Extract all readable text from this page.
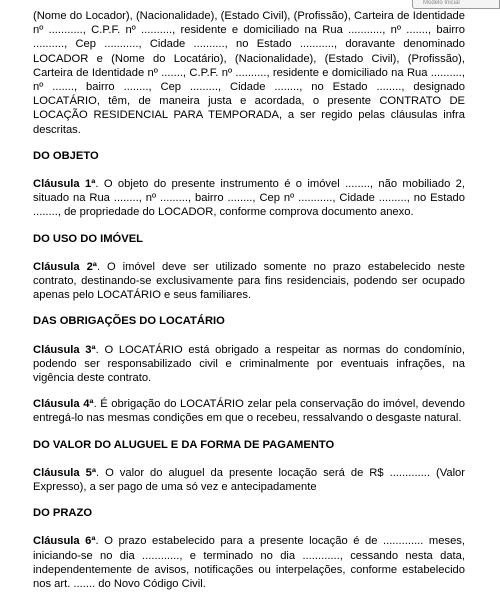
Modelo Inicial

(Nome do Locador), (Nacionalidade), (Estado Civil), (Profissão), Carteira de Identidade nº ..........., C.P.F. nº .........., residente e domiciliado na Rua ..........., nº ......., bairro .........., Cep ..........., Cidade .........., no Estado ..........., doravante denominado LOCADOR e (Nome do Locatário), (Nacionalidade), (Estado Civil), (Profissão), Carteira de Identidade nº ......., C.P.F. nº .........., residente e domiciliado na Rua .........., nº ......., bairro ........, Cep ........., Cidade ........, no Estado ........, designado LOCATÁRIO, têm, de maneira justa e acordada, o presente CONTRATO DE LOCAÇÃO RESIDENCIAL PARA TEMPORADA, a ser regido pelas cláusulas infra descritas.

DO OBJETO

Cláusula 1ª. O objeto do presente instrumento é o imóvel ........, não mobiliado 2, situado na Rua ........, nº ........., bairro ........, Cep nº ..........., Cidade ........., no Estado ........, de propriedade do LOCADOR, conforme comprova documento anexo.

DO USO DO IMÓVEL

Cláusula 2ª. O imóvel deve ser utilizado somente no prazo estabelecido neste contrato, destinando-se exclusivamente para fins residenciais, podendo ser ocupado apenas pelo LOCATÁRIO e seus familiares.

DAS OBRIGAÇÕES DO LOCATÁRIO

Cláusula 3ª. O LOCATÁRIO está obrigado a respeitar as normas do condomínio, podendo ser responsabilizado civil e criminalmente por eventuais infrações, na vigência deste contrato.

Cláusula 4ª. É obrigação do LOCATÁRIO zelar pela conservação do imóvel, devendo entregá-lo nas mesmas condições em que o recebeu, ressalvando o desgaste natural.

DO VALOR DO ALUGUEL E DA FORMA DE PAGAMENTO

Cláusula 5ª. O valor do aluguel da presente locação será de R$ ............. (Valor Expresso), a ser pago de uma só vez e antecipadamente

DO PRAZO

Cláusula 6ª. O prazo estabelecido para a presente locação é de ............. meses, iniciando-se no dia ............, e terminado no dia ............, cessando nesta data, independentemente de avisos, notificações ou interpelações, conforme estabelecido nos art. ....... do Novo Código Civil.
